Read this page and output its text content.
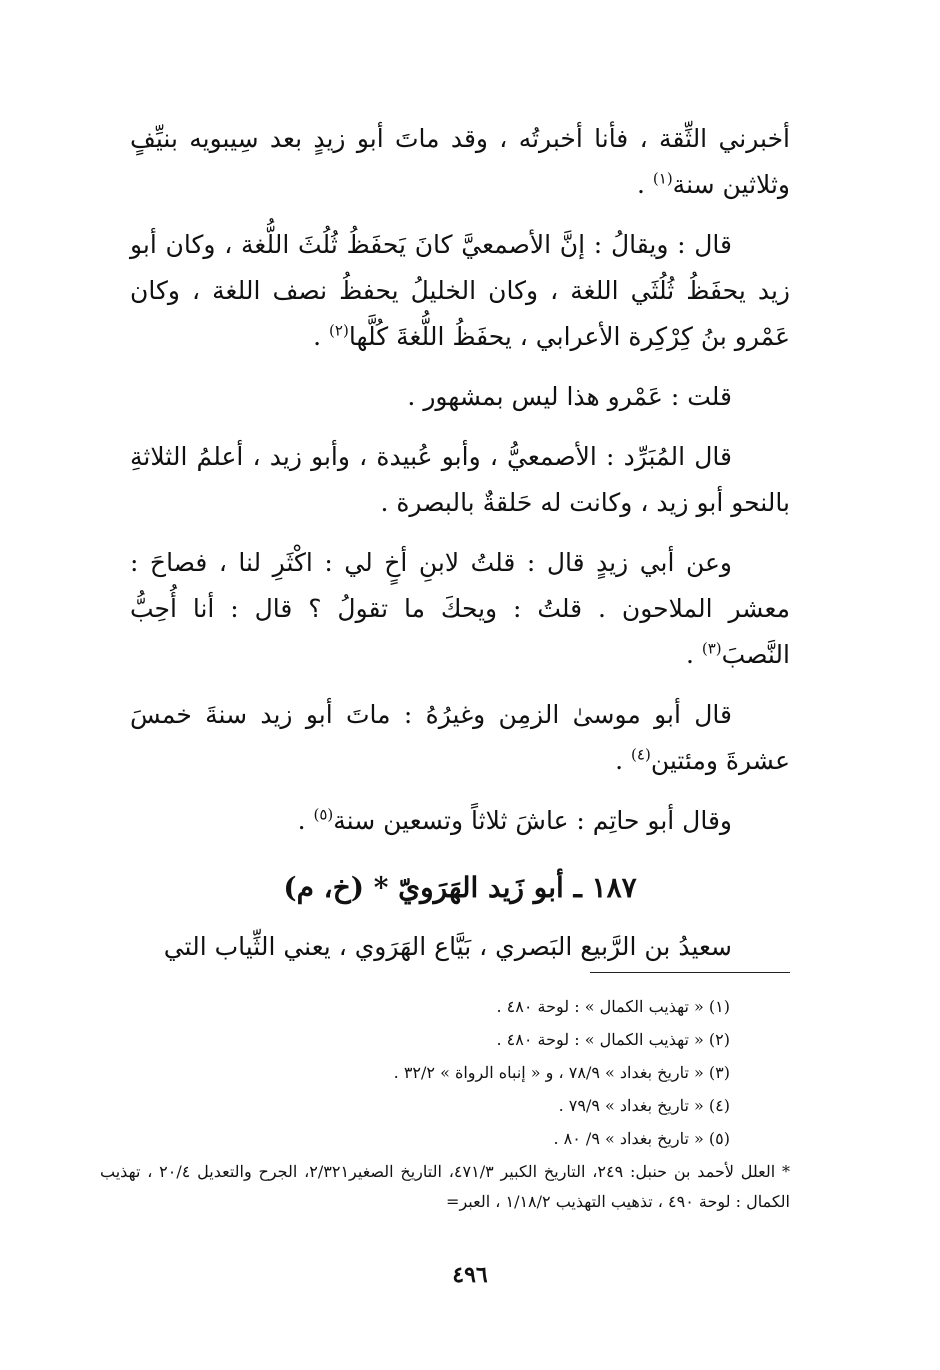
أخبرني الثِّقة ، فأنا أخبرتُه ، وقد ماتَ أبو زيدٍ بعد سِيبويه بنيِّفٍ وثلاثين سنة$^{(١)}$ .

قال : ويقالُ : إنَّ الأصمعيَّ كانَ يَحفَظُ ثُلُثَ اللُّغة ، وكان أبو زيد يحفَظُ ثُلُثَي اللغة ، وكان الخليلُ يحفظُ نصف اللغة ، وكان عَمْرو بنُ كِرْكِرة الأعرابي ، يحفَظُ اللُّغةَ كُلَّها$^{(٢)}$ .

قلت : عَمْرو هذا ليس بمشهور .

قال المُبَرِّد : الأصمعيُّ ، وأبو عُبيدة ، وأبو زيد ، أعلمُ الثلاثةِ بالنحو أبو زيد ، وكانت له حَلقةٌ بالبصرة .

وعن أبي زيدٍ قال : قلتُ لابنِ أخٍ لي : اكْثَرِ لنا ، فصاحَ : معشر الملاحون . قلتُ : ويحكَ ما تقولُ ؟ قال : أنا أُحِبُّ النَّصبَ$^{(٣)}$ .

قال أبو موسىٰ الزمِن وغيرُهُ : ماتَ أبو زيد سنةَ خمسَ عشرةَ ومئتين$^{(٤)}$ .

وقال أبو حاتِم : عاشَ ثلاثاً وتسعين سنة$^{(٥)}$ .

١٨٧ ـ أبو زَيد الهَرَويّ * (خ، م)

سعيدُ بن الرَّبيع البَصري ، بَيَّاع الهَرَوي ، يعني الثِّياب التي

(١) « تهذيب الكمال » : لوحة ٤٨٠ .

(٢) « تهذيب الكمال » : لوحة ٤٨٠ .

(٣) « تاريخ بغداد » ٧٨/٩ ، و « إنباه الرواة » ٣٢/٢ .

(٤) « تاريخ بغداد » ٧٩/٩ .

(٥) « تاريخ بغداد » ٩/ ٨٠ .

* العلل لأحمد بن حنبل: ٢٤٩، التاريخ الكبير ٤٧١/٣، التاريخ الصغير٢/٣٢١، الجرح والتعديل ٢٠/٤ ، تهذيب الكمال : لوحة ٤٩٠ ، تذهيب التهذيب ١/١٨/٢ ، العبر=

٤٩٦
